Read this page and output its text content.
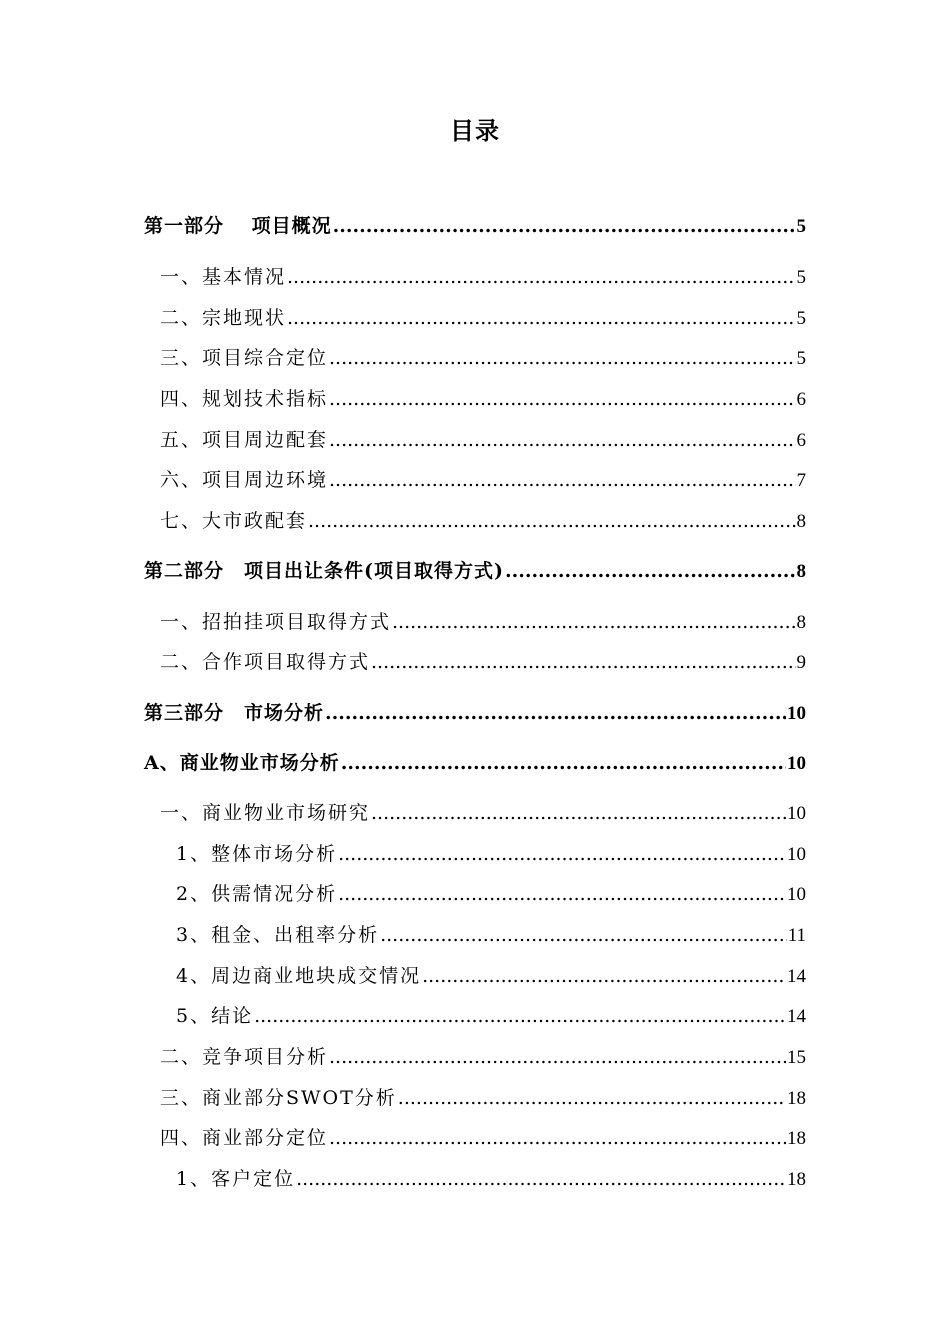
目录
第一部分　 项目概况 .....	5
一、基本情况 .....	5
二、宗地现状 .....	5
三、项目综合定位 .....	5
四、规划技术指标 .....	6
五、项目周边配套 .....	6
六、项目周边环境 .....	7
七、大市政配套 .....	8
第二部分　项目出让条件(项目取得方式) .....	8
一、招拍挂项目取得方式 .....	8
二、合作项目取得方式 .....	9
第三部分　市场分析 .....	10
A、商业物业市场分析 .....	10
一、商业物业市场研究 .....	10
1、整体市场分析 .....	10
2、供需情况分析 .....	10
3、租金、出租率分析 .....	11
4、周边商业地块成交情况 .....	14
5、结论 .....	14
二、竞争项目分析 .....	15
三、商业部分SWOT分析 .....	18
四、商业部分定位 .....	18
1、客户定位 .....	18
